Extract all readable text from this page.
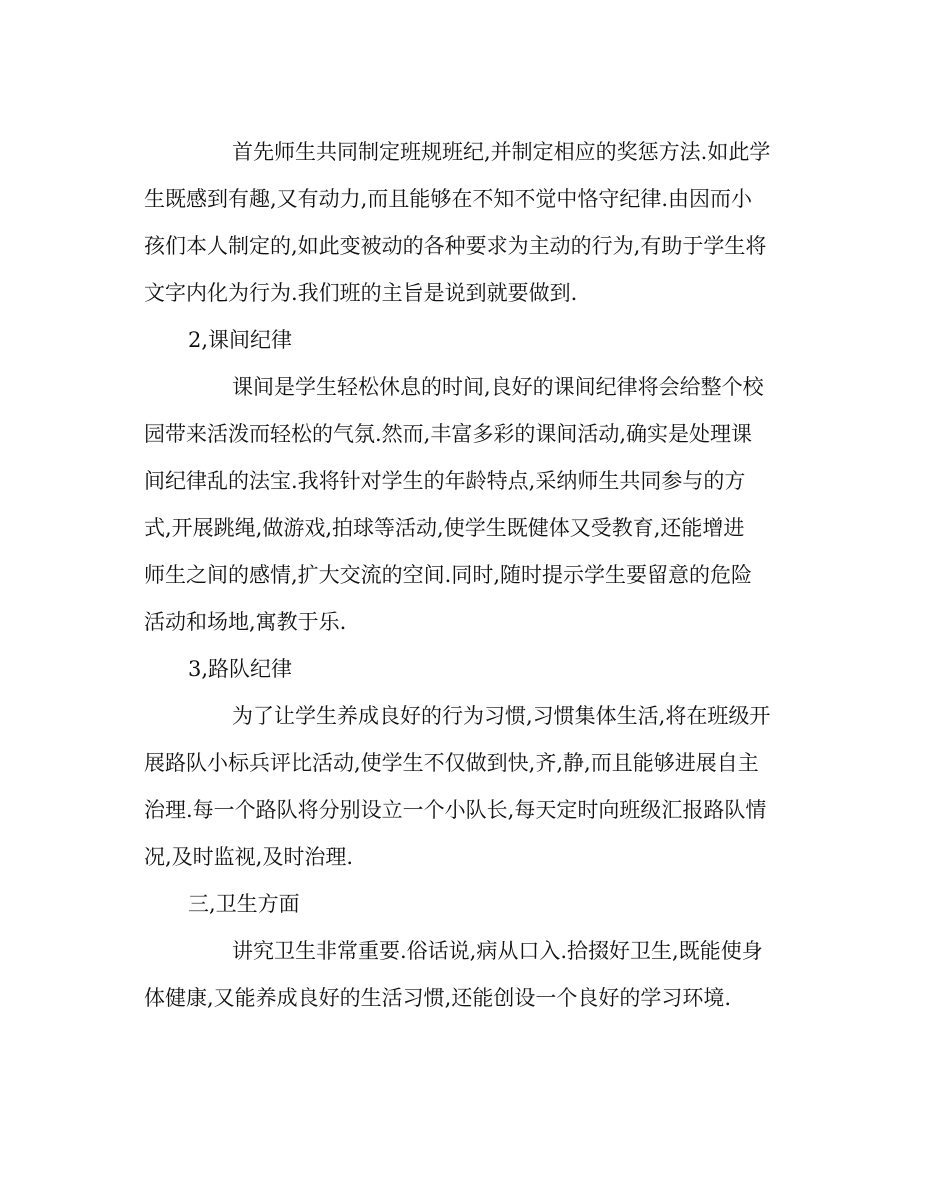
首先师生共同制定班规班纪,并制定相应的奖惩方法.如此学
生既感到有趣,又有动力,而且能够在不知不觉中恪守纪律.由因而小
孩们本人制定的,如此变被动的各种要求为主动的行为,有助于学生将
文字内化为行为.我们班的主旨是说到就要做到.

2,课间纪律

课间是学生轻松休息的时间,良好的课间纪律将会给整个校
园带来活泼而轻松的气氛.然而,丰富多彩的课间活动,确实是处理课
间纪律乱的法宝.我将针对学生的年龄特点,采纳师生共同参与的方
式,开展跳绳,做游戏,拍球等活动,使学生既健体又受教育,还能增进
师生之间的感情,扩大交流的空间.同时,随时提示学生要留意的危险
活动和场地,寓教于乐.

3,路队纪律

为了让学生养成良好的行为习惯,习惯集体生活,将在班级开
展路队小标兵评比活动,使学生不仅做到快,齐,静,而且能够进展自主
治理.每一个路队将分别设立一个小队长,每天定时向班级汇报路队情
况,及时监视,及时治理.

三,卫生方面

讲究卫生非常重要.俗话说,病从口入.拾掇好卫生,既能使身
体健康,又能养成良好的生活习惯,还能创设一个良好的学习环境.
